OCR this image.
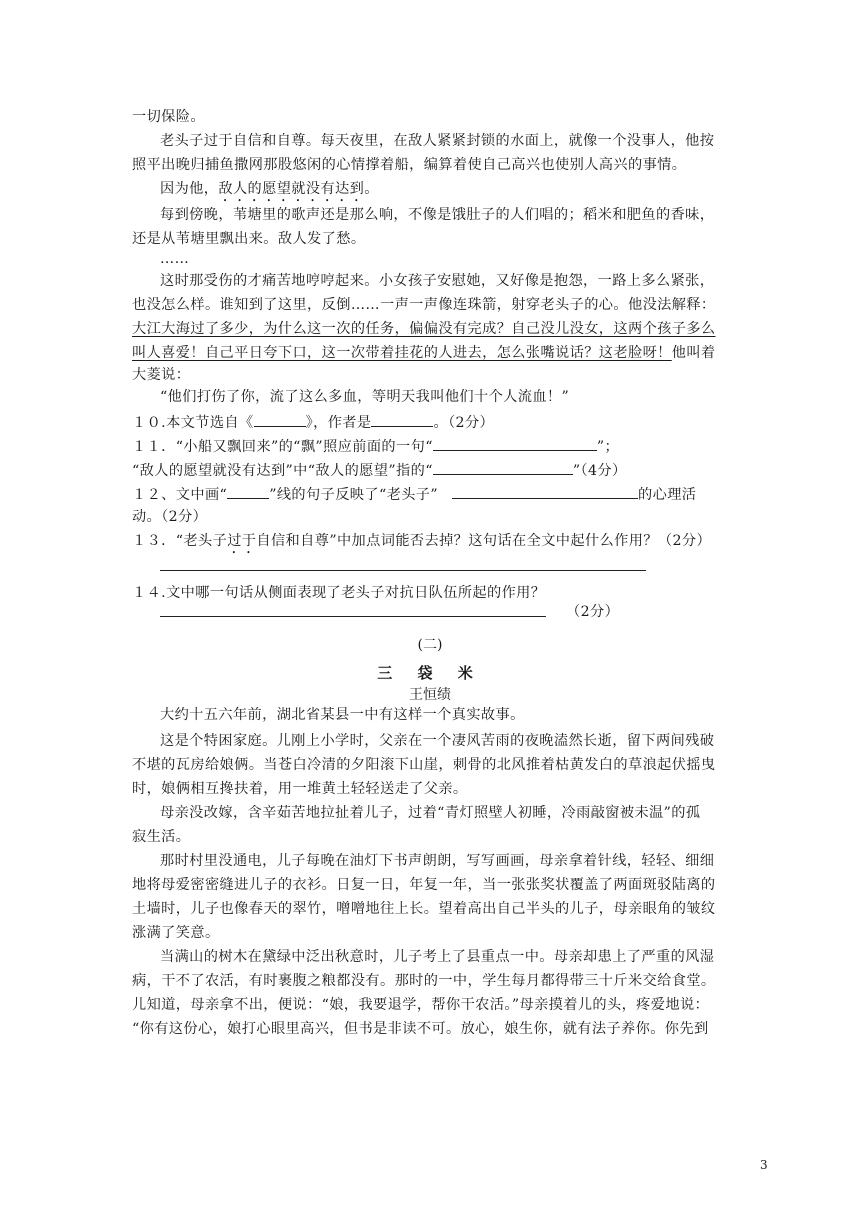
一切保险。
老头子过于自信和自尊。每天夜里，在敌人紧紧封锁的水面上，就像一个没事人，他按
照平出晚归捕鱼撒网那股悠闲的心情撑着船，编算着使自己高兴也使别人高兴的事情。
因为他，敌人的愿望就没有达到。
每到傍晚，苇塘里的歌声还是那么响，不像是饿肚子的人们唱的；稻米和肥鱼的香味，
还是从苇塘里飘出来。敌人发了愁。
……
这时那受伤的才痛苦地哼哼起来。小女孩子安慰她，又好像是抱怨，一路上多么紧张，
也没怎么样。谁知到了这里，反倒……一声一声像连珠箭，射穿老头子的心。他没法解释：
大江大海过了多少，为什么这一次的任务，偏偏没有完成？自己没儿没女，这两个孩子多么
叫人喜爱！自己平日夸下口，这一次带着挂花的人进去，怎么张嘴说话？这老脸呀！他叫着
大菱说：
“他们打伤了你，流了这么多血，等明天我叫他们十个人流血！”
１０.本文节选自《	》，作者是	。（2分）
１１．“小船又飘回来”的“飘”照应前面的一句“	”；
“敌人的愿望就没有达到”中“敌人的愿望”指的“	”（4分）
１２、文中画“	”线的句子反映了“老头子”	的心理活
动。（2分）
１３．“老头子过于自信和自尊”中加点词能否去掉？这句话在全文中起什么作用？（2分）
１４.文中哪一句话从侧面表现了老头子对抗日队伍所起的作用？
（2分）
(二)
三 袋 米
王恒绩
大约十五六年前，湖北省某县一中有这样一个真实故事。
这是个特困家庭。儿刚上小学时，父亲在一个凄风苦雨的夜晚溘然长逝，留下两间残破
不堪的瓦房给娘俩。当苍白冷清的夕阳滚下山崖，刺骨的北风推着枯黄发白的草浪起伏摇曳
时，娘俩相互搀扶着，用一堆黄土轻轻送走了父亲。
母亲没改嫁，含辛茹苦地拉扯着儿子，过着“青灯照壁人初睡，冷雨敲窗被未温”的孤
寂生活。
那时村里没通电，儿子每晚在油灯下书声朗朗，写写画画，母亲拿着针线，轻轻、细细
地将母爱密密缝进儿子的衣衫。日复一日，年复一年，当一张张奖状覆盖了两面斑驳陆离的
土墙时，儿子也像春天的翠竹，噌噌地往上长。望着高出自己半头的儿子，母亲眼角的皱纹
涨满了笑意。
当满山的树木在黛绿中泛出秋意时，儿子考上了县重点一中。母亲却患上了严重的风湿
病，干不了农活，有时裹腹之粮都没有。那时的一中，学生每月都得带三十斤米交给食堂。
儿知道，母亲拿不出，便说：“娘，我要退学，帮你干农活。”母亲摸着儿的头，疼爱地说：
“你有这份心，娘打心眼里高兴，但书是非读不可。放心，娘生你，就有法子养你。你先到
3
